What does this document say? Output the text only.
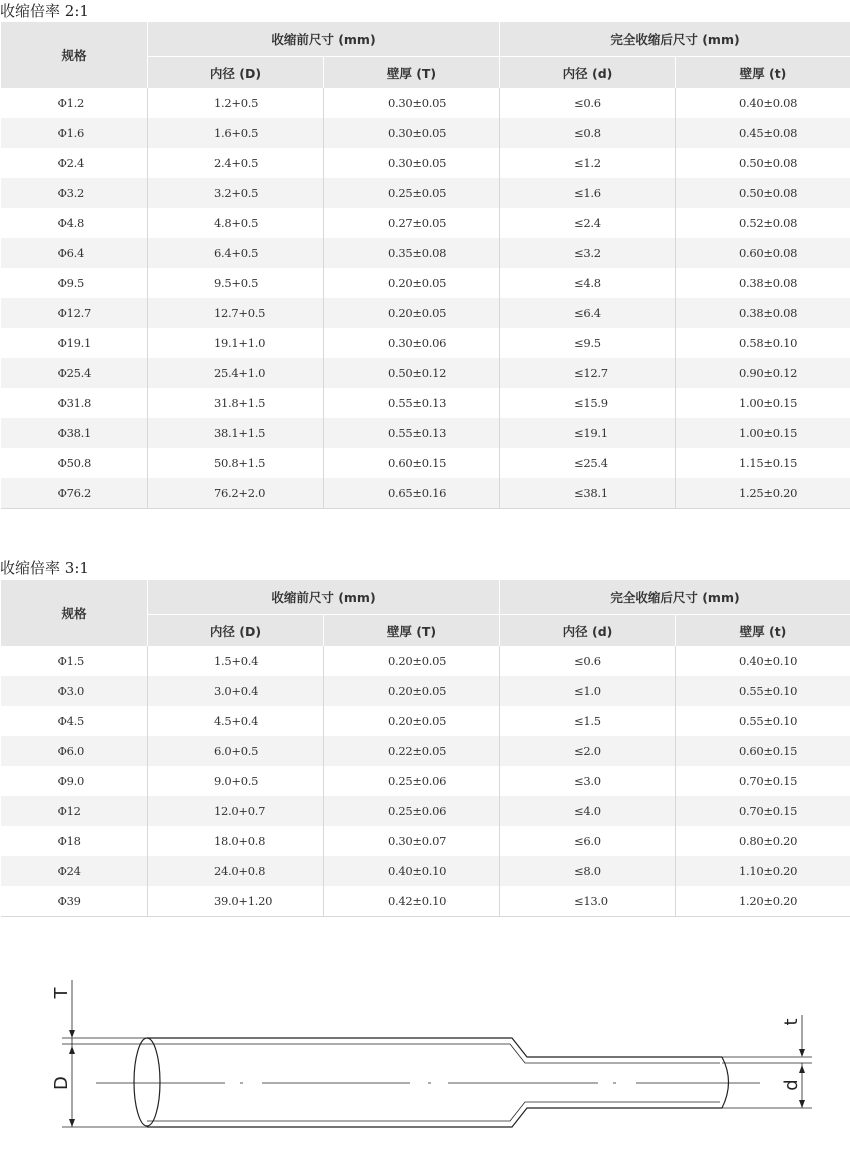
收缩倍率 2:1
规格	收缩前尺寸 (mm)		完全收缩后尺寸 (mm)	
	内径 (D)	壁厚 (T)	内径 (d)	壁厚 (t)
Φ1.2	1.2+0.5	0.30±0.05	≤0.6	0.40±0.08
Φ1.6	1.6+0.5	0.30±0.05	≤0.8	0.45±0.08
Φ2.4	2.4+0.5	0.30±0.05	≤1.2	0.50±0.08
Φ3.2	3.2+0.5	0.25±0.05	≤1.6	0.50±0.08
Φ4.8	4.8+0.5	0.27±0.05	≤2.4	0.52±0.08
Φ6.4	6.4+0.5	0.35±0.08	≤3.2	0.60±0.08
Φ9.5	9.5+0.5	0.20±0.05	≤4.8	0.38±0.08
Φ12.7	12.7+0.5	0.20±0.05	≤6.4	0.38±0.08
Φ19.1	19.1+1.0	0.30±0.06	≤9.5	0.58±0.10
Φ25.4	25.4+1.0	0.50±0.12	≤12.7	0.90±0.12
Φ31.8	31.8+1.5	0.55±0.13	≤15.9	1.00±0.15
Φ38.1	38.1+1.5	0.55±0.13	≤19.1	1.00±0.15
Φ50.8	50.8+1.5	0.60±0.15	≤25.4	1.15±0.15
Φ76.2	76.2+2.0	0.65±0.16	≤38.1	1.25±0.20
收缩倍率 3:1
规格	收缩前尺寸 (mm)		完全收缩后尺寸 (mm)	
	内径 (D)	壁厚 (T)	内径 (d)	壁厚 (t)
Φ1.5	1.5+0.4	0.20±0.05	≤0.6	0.40±0.10
Φ3.0	3.0+0.4	0.20±0.05	≤1.0	0.55±0.10
Φ4.5	4.5+0.4	0.20±0.05	≤1.5	0.55±0.10
Φ6.0	6.0+0.5	0.22±0.05	≤2.0	0.60±0.15
Φ9.0	9.0+0.5	0.25±0.06	≤3.0	0.70±0.15
Φ12	12.0+0.7	0.25±0.06	≤4.0	0.70±0.15
Φ18	18.0+0.8	0.30±0.07	≤6.0	0.80±0.20
Φ24	24.0+0.8	0.40±0.10	≤8.0	1.10±0.20
Φ39	39.0+1.20	0.42±0.10	≤13.0	1.20±0.20
T
D
t
d
